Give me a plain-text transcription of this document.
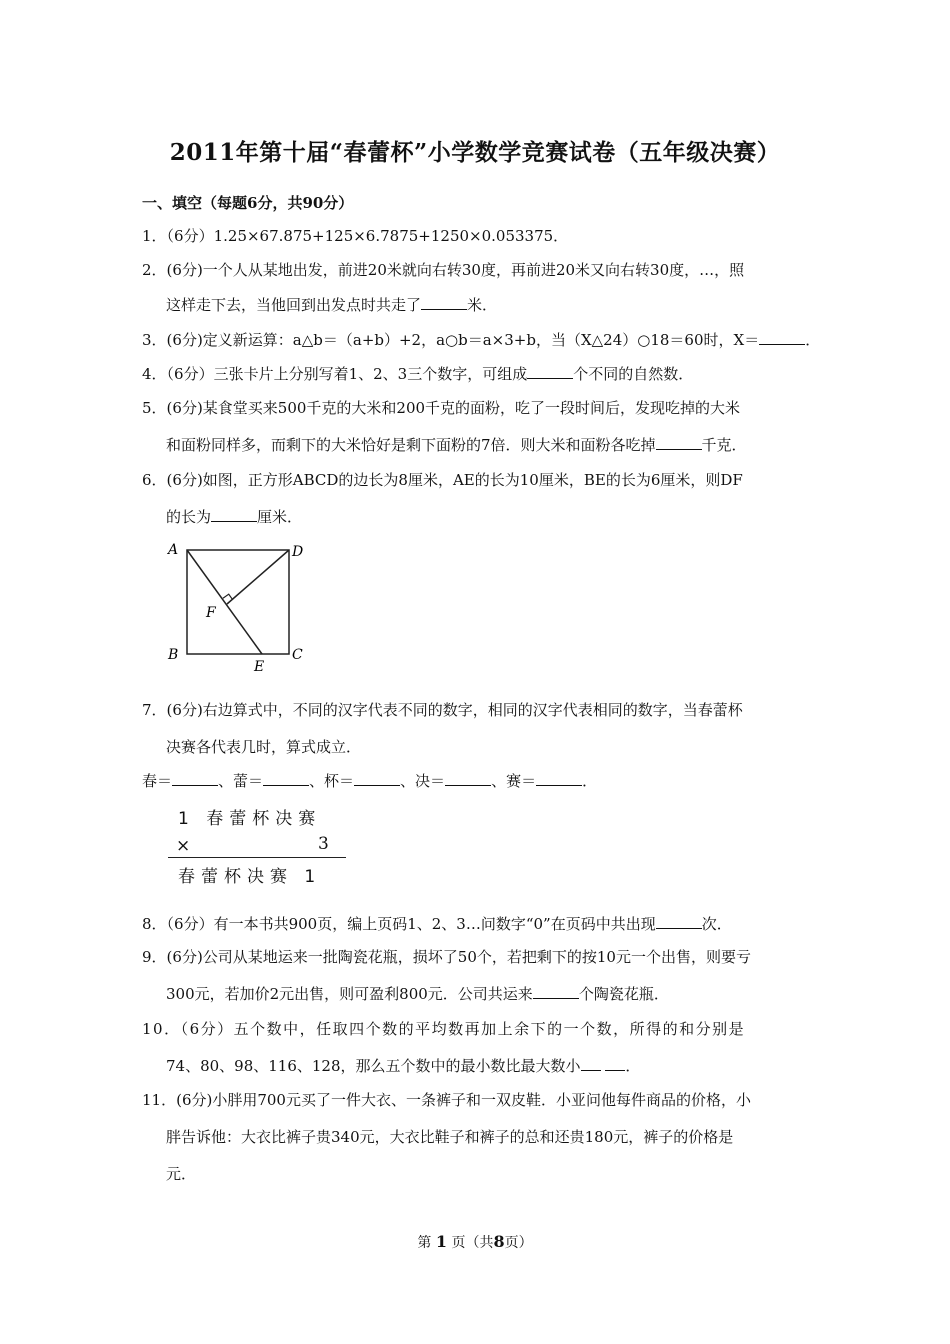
2011年第十届“春蕾杯”小学数学竞赛试卷（五年级决赛）
一、填空（每题6分，共90分）
1．（6分）1.25×67.875+125×6.7875+1250×0.053375．
2．(6分)一个人从某地出发，前进20米就向右转30度，再前进20米又向右转30度，…，照
这样走下去，当他回到出发点时共走了	米．
3．(6分)定义新运算：a△b＝（a+b）+2，a○b＝a×3+b，当（X△24）○18＝60时，X＝	．
4．（6分）三张卡片上分别写着1、2、3三个数字，可组成	个不同的自然数．
5．(6分)某食堂买来500千克的大米和200千克的面粉，吃了一段时间后，发现吃掉的大米
和面粉同样多，而剩下的大米恰好是剩下面粉的7倍．则大米和面粉各吃掉	千克．
6．(6分)如图，正方形ABCD的边长为8厘米，AE的长为10厘米，BE的长为6厘米，则DF
的长为	厘米．
A	D
B	C
E
F
7．(6分)右边算式中，不同的汉字代表不同的数字，相同的汉字代表相同的数字，当春蕾杯
决赛各代表几时，算式成立．
春＝	、蕾＝	、杯＝	、决＝	、赛＝	．
1 春蕾杯决赛
×	3
春蕾杯决赛 1
8．（6分）有一本书共900页，编上页码1、2、3…问数字“0”在页码中共出现	次．
9．(6分)公司从某地运来一批陶瓷花瓶，损坏了50个，若把剩下的按10元一个出售，则要亏
300元，若加价2元出售，则可盈利800元．公司共运来	个陶瓷花瓶．
10．（6分）五个数中，任取四个数的平均数再加上余下的一个数，所得的和分别是
74、80、98、116、128，那么五个数中的最小数比最大数小	．
11．(6分)小胖用700元买了一件大衣、一条裤子和一双皮鞋．小亚问他每件商品的价格，小
胖告诉他：大衣比裤子贵340元，大衣比鞋子和裤子的总和还贵180元，裤子的价格是
元．
第 1 页（共8页）
